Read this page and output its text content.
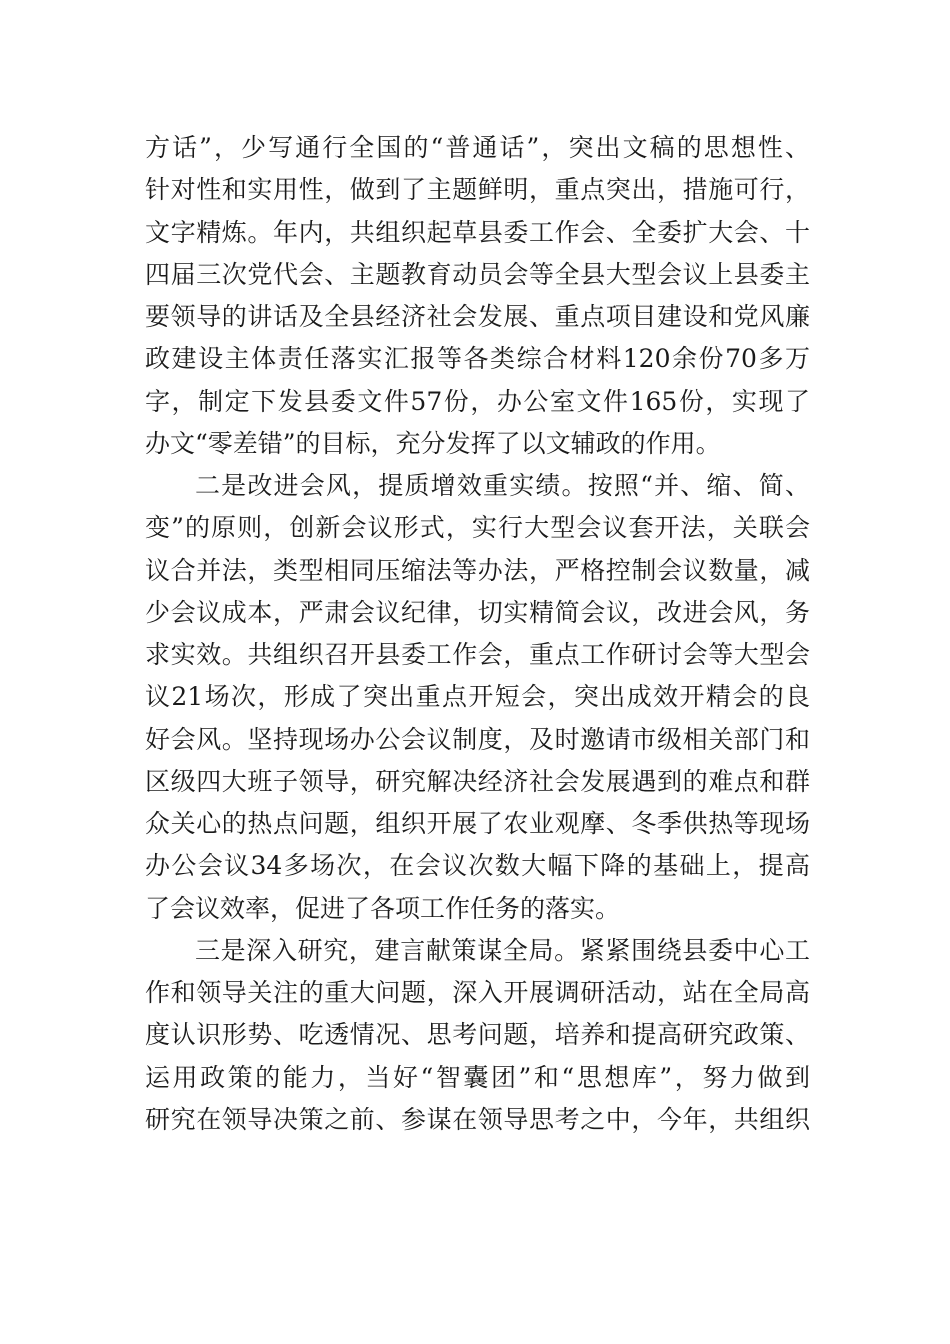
方话”，少写通行全国的“普通话”，突出文稿的思想性、
针对性和实用性，做到了主题鲜明，重点突出，措施可行，
文字精炼。年内，共组织起草县委工作会、全委扩大会、十
四届三次党代会、主题教育动员会等全县大型会议上县委主
要领导的讲话及全县经济社会发展、重点项目建设和党风廉
政建设主体责任落实汇报等各类综合材料120余份70多万
字，制定下发县委文件57份，办公室文件165份，实现了
办文“零差错”的目标，充分发挥了以文辅政的作用。
二是改进会风，提质增效重实绩。按照“并、缩、简、
变”的原则，创新会议形式，实行大型会议套开法，关联会
议合并法，类型相同压缩法等办法，严格控制会议数量，减
少会议成本，严肃会议纪律，切实精简会议，改进会风，务
求实效。共组织召开县委工作会，重点工作研讨会等大型会
议21场次，形成了突出重点开短会，突出成效开精会的良
好会风。坚持现场办公会议制度，及时邀请市级相关部门和
区级四大班子领导，研究解决经济社会发展遇到的难点和群
众关心的热点问题，组织开展了农业观摩、冬季供热等现场
办公会议34多场次，在会议次数大幅下降的基础上，提高
了会议效率，促进了各项工作任务的落实。
三是深入研究，建言献策谋全局。紧紧围绕县委中心工
作和领导关注的重大问题，深入开展调研活动，站在全局高
度认识形势、吃透情况、思考问题，培养和提高研究政策、
运用政策的能力，当好“智囊团”和“思想库”，努力做到
研究在领导决策之前、参谋在领导思考之中，今年，共组织
